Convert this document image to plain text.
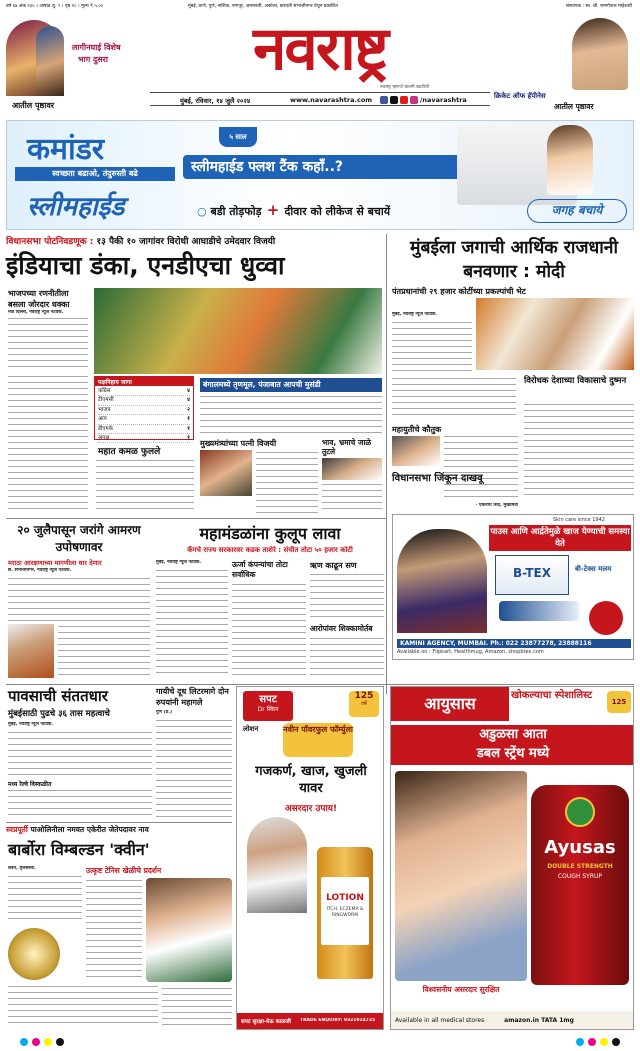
वर्ष ६७ अंक २३५ । आषाढ शु. ९ । पृष्ठ १८ । मूल्य ₹ ५.००	मुंबई, ठाणे, पुणे, नाशिक, नागपूर, अमरावती, अकोला, छत्रपती संभाजीनगर येथून प्रकाशित	संस्थापक : स्व. श्री. रामगोपाल माहेश्वरी
लागीनघाई विशेष
भाग दुसरा
आतील पृष्ठावर
नवराष्ट्र
नवराष्ट्र म्हणजे बातमी खात्रीची
मुंबई, रविवार, १४ जुलै २०२४	www.navarashtra.com	/navarashtra	क्रिकेट ऑफ हॅपीनेस
आतील पृष्ठावर
कमांडर
स्वच्छता बढाओ, तंदुरुस्ती बढे
स्लीमहाईड
५ साल
स्लीमहाईड फ्लश टैंक कहाँ..?
○ बडी तोड़फोड़ + दीवार को लीकेज से बचायें	जगह बचाये
विधानसभा पोटनिवडणूक : १३ पैकी १० जागांवर विरोधी आघाडीचे उमेदवार विजयी
इंडियाचा डंका, एनडीएचा धुव्वा
भाजपच्या रणनीतीला बसला जोरदार धक्का
नवी दिल्ली, नवराष्ट्र न्यूज नेटवर्क.
पक्षनिहाय जागा
काँग्रेस	४
टीएमसी	४
भाजप	२
आप	१
डीएमके	१
अपक्ष	१
महात कमळ फुलले
बंगालमध्ये तृणमूल, पंजाबात आपची मुसंडी
मुख्यमंत्र्यांच्या पत्नी विजयी	भाव, भ्रमाचे जाळे तुटले
मुंबईला जगाची आर्थिक राजधानी बनवणार : मोदी
पंतप्रधानांची २९ हजार कोटींच्या प्रकल्पांची भेट
मुंबई, नवराष्ट्र न्यूज नेटवर्क.
महायुतीचे कौतुक
विरोधक देशाच्या विकासाचे दुष्मन
विधानसभा जिंकून दाखवू
- एकनाथ शिंदे, मुख्यमंत्री
Skin care since 1942
पाउस आणि आर्द्रतेमुळे खाज येण्याची समस्या येते
B-TEX	बी-टेक्स मलम
KAMINI AGENCY, MUMBAI. Ph.: 022 23877278, 23888116
Available on : Flipkart, Healthmug, Amazon, shopbtex.com
२० जुलैपासून जरांगे आमरण उपोषणावर
मराठा आरक्षणाच्या मागणीला धार देणार
छ. संभाजीनगर, नवराष्ट्र न्यूज नेटवर्क.
महामंडळांना कुलूप लावा
कॅगचे राज्य सरकारवर कडक ताशेरे : संचीत तोटा ५० हजार कोटी
मुंबई, नवराष्ट्र न्यूज नेटवर्क.	ऊर्जा कंपन्यांचा तोटा सर्वाधिक
ऋण काढून सण
आरोपांवर शिक्कामोर्तब
पावसाची संततधार
मुंबईसाठी पुढचे ३६ तास महत्वाचे
मुंबई, नवराष्ट्र न्यूज नेटवर्क.
मध्य रेल्वे विस्कळीत
गायीचे दूध लिटरमागे दोन रुपयांनी महागले
पुणे (प्र.)
सपट
Dr स्किन
125
वर्षे
लोशन	नवीन पॉवरफुल फॉर्म्युला
गजकर्ण, खाज, खुजली यावर
असरदार उपाय!
LOTION
ITCH, ECZEMA & RINGWORM
सपट सुरक्षा-घेऊ काळजी	TRADE ENQUIRY: 9321914725
आयुसास	खोकल्याचा स्पेशालिस्ट
125
अडुळसा आता
डबल स्ट्रेंथ मध्ये
Ayusas
DOUBLE STRENGTH
COUGH SYRUP
विश्वसनीय असरदार सुरक्षित
Available in all medical stores	amazon.in TATA 1mg
स्वप्नपूर्ती पाओलिनीला नमवत एकेरीत जेतेपदावर नाव
बार्बोरा विम्बल्डन 'क्वीन'
लंडन, वृत्तसंस्था.	उत्कृष्ट टेनिस खेळीचे प्रदर्शन
